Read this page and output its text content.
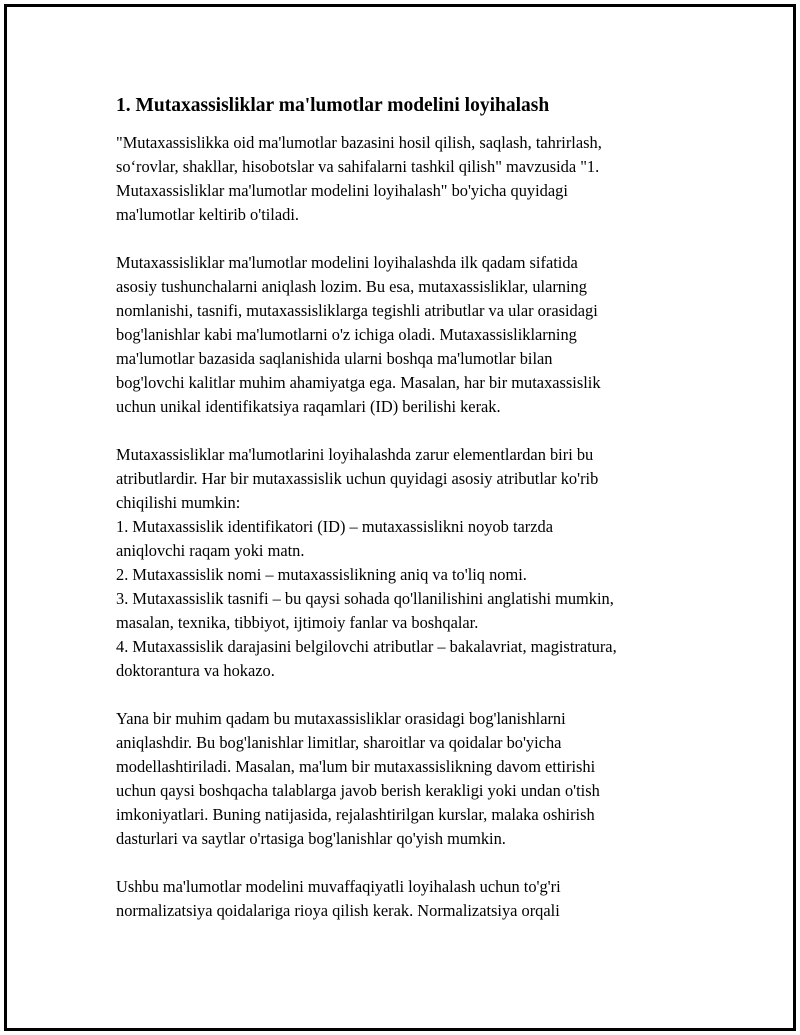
1. Mutaxassisliklar ma'lumotlar modelini loyihalash
"Mutaxassislikka oid ma'lumotlar bazasini hosil qilish, saqlash, tahrirlash,
so‘rovlar, shakllar, hisobotslar va sahifalarni tashkil qilish" mavzusida "1.
Mutaxassisliklar ma'lumotlar modelini loyihalash" bo'yicha quyidagi
ma'lumotlar keltirib o'tiladi.
Mutaxassisliklar ma'lumotlar modelini loyihalashda ilk qadam sifatida
asosiy tushunchalarni aniqlash lozim. Bu esa, mutaxassisliklar, ularning
nomlanishi, tasnifi, mutaxassisliklarga tegishli atributlar va ular orasidagi
bog'lanishlar kabi ma'lumotlarni o'z ichiga oladi. Mutaxassisliklarning
ma'lumotlar bazasida saqlanishida ularni boshqa ma'lumotlar bilan
bog'lovchi kalitlar muhim ahamiyatga ega. Masalan, har bir mutaxassislik
uchun unikal identifikatsiya raqamlari (ID) berilishi kerak.
Mutaxassisliklar ma'lumotlarini loyihalashda zarur elementlardan biri bu
atributlardir. Har bir mutaxassislik uchun quyidagi asosiy atributlar ko'rib
chiqilishi mumkin:
1. Mutaxassislik identifikatori (ID) – mutaxassislikni noyob tarzda
aniqlovchi raqam yoki matn.
2. Mutaxassislik nomi – mutaxassislikning aniq va to'liq nomi.
3. Mutaxassislik tasnifi – bu qaysi sohada qo'llanilishini anglatishi mumkin,
masalan, texnika, tibbiyot, ijtimoiy fanlar va boshqalar.
4. Mutaxassislik darajasini belgilovchi atributlar – bakalavriat, magistratura,
doktorantura va hokazo.
Yana bir muhim qadam bu mutaxassisliklar orasidagi bog'lanishlarni
aniqlashdir. Bu bog'lanishlar limitlar, sharoitlar va qoidalar bo'yicha
modellashtiriladi. Masalan, ma'lum bir mutaxassislikning davom ettirishi
uchun qaysi boshqacha talablarga javob berish kerakligi yoki undan o'tish
imkoniyatlari. Buning natijasida, rejalashtirilgan kurslar, malaka oshirish
dasturlari va saytlar o'rtasiga bog'lanishlar qo'yish mumkin.
Ushbu ma'lumotlar modelini muvaffaqiyatli loyihalash uchun to'g'ri
normalizatsiya qoidalariga rioya qilish kerak. Normalizatsiya orqali
